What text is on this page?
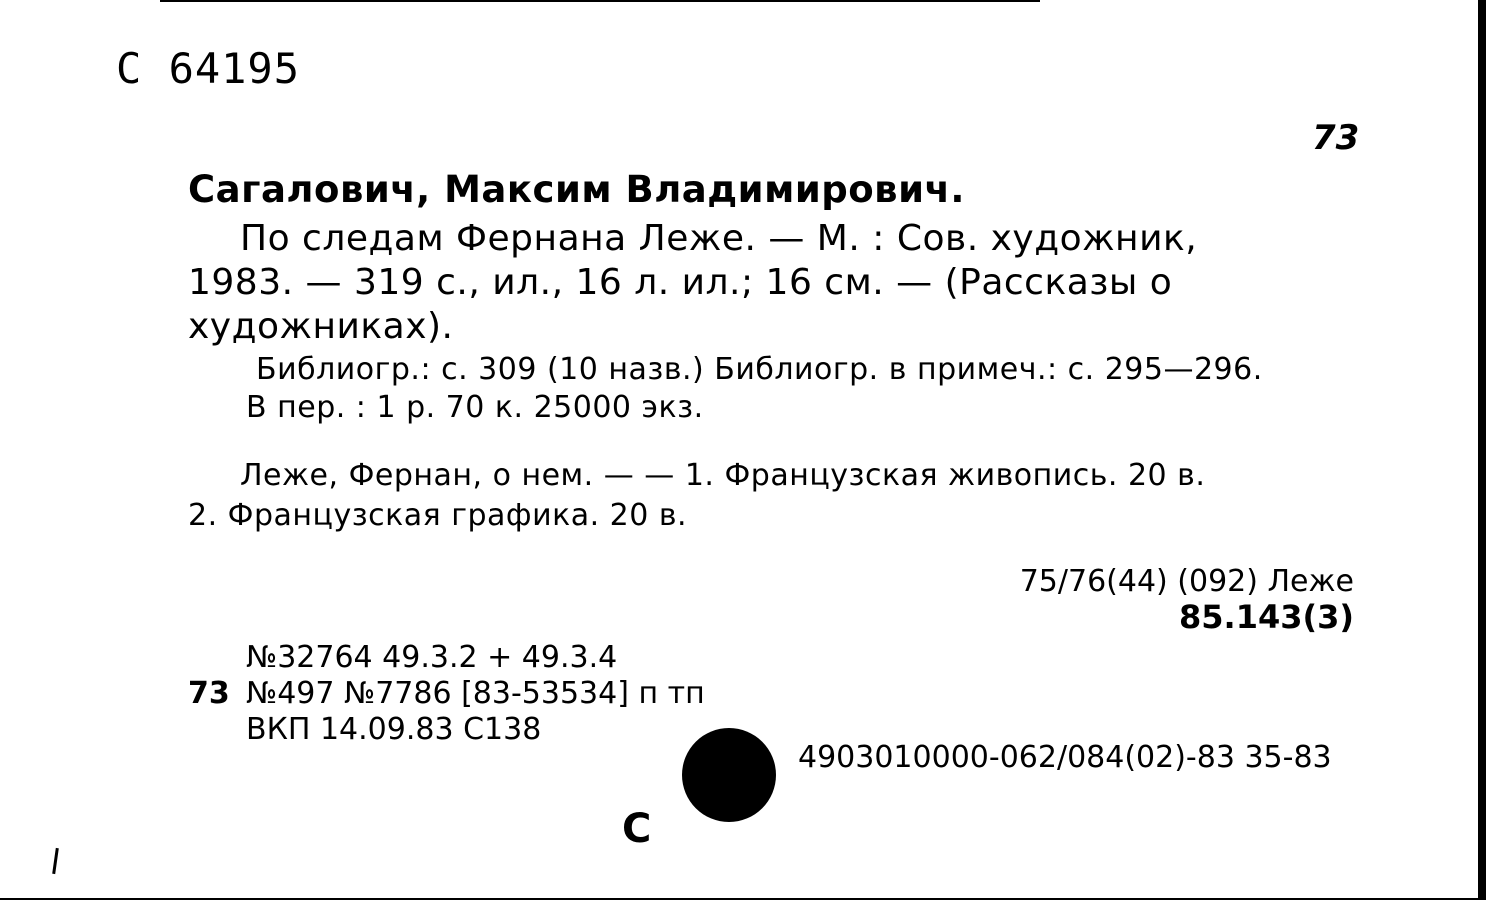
С 64195
73
Сагалович, Максим Владимирович.
По следам Фернана Леже. — М. : Сов. художник,
1983. — 319 с., ил., 16 л. ил.; 16 см. — (Рассказы о
художниках).
Библиогр.: с. 309 (10 назв.) Библиогр. в примеч.: с. 295—296.
В пер. : 1 р. 70 к. 25000 экз.
Леже, Фернан, о нем. — — 1. Французская живопись. 20 в.
2. Французская графика. 20 в.
75/76(44) (092) Леже
85.143(3)
№32764 49.3.2 + 49.3.4
73 №497 №7786 [83-53534] п тп
ВКП 14.09.83 С138
4903010000-062/084(02)-83 35-83
С
